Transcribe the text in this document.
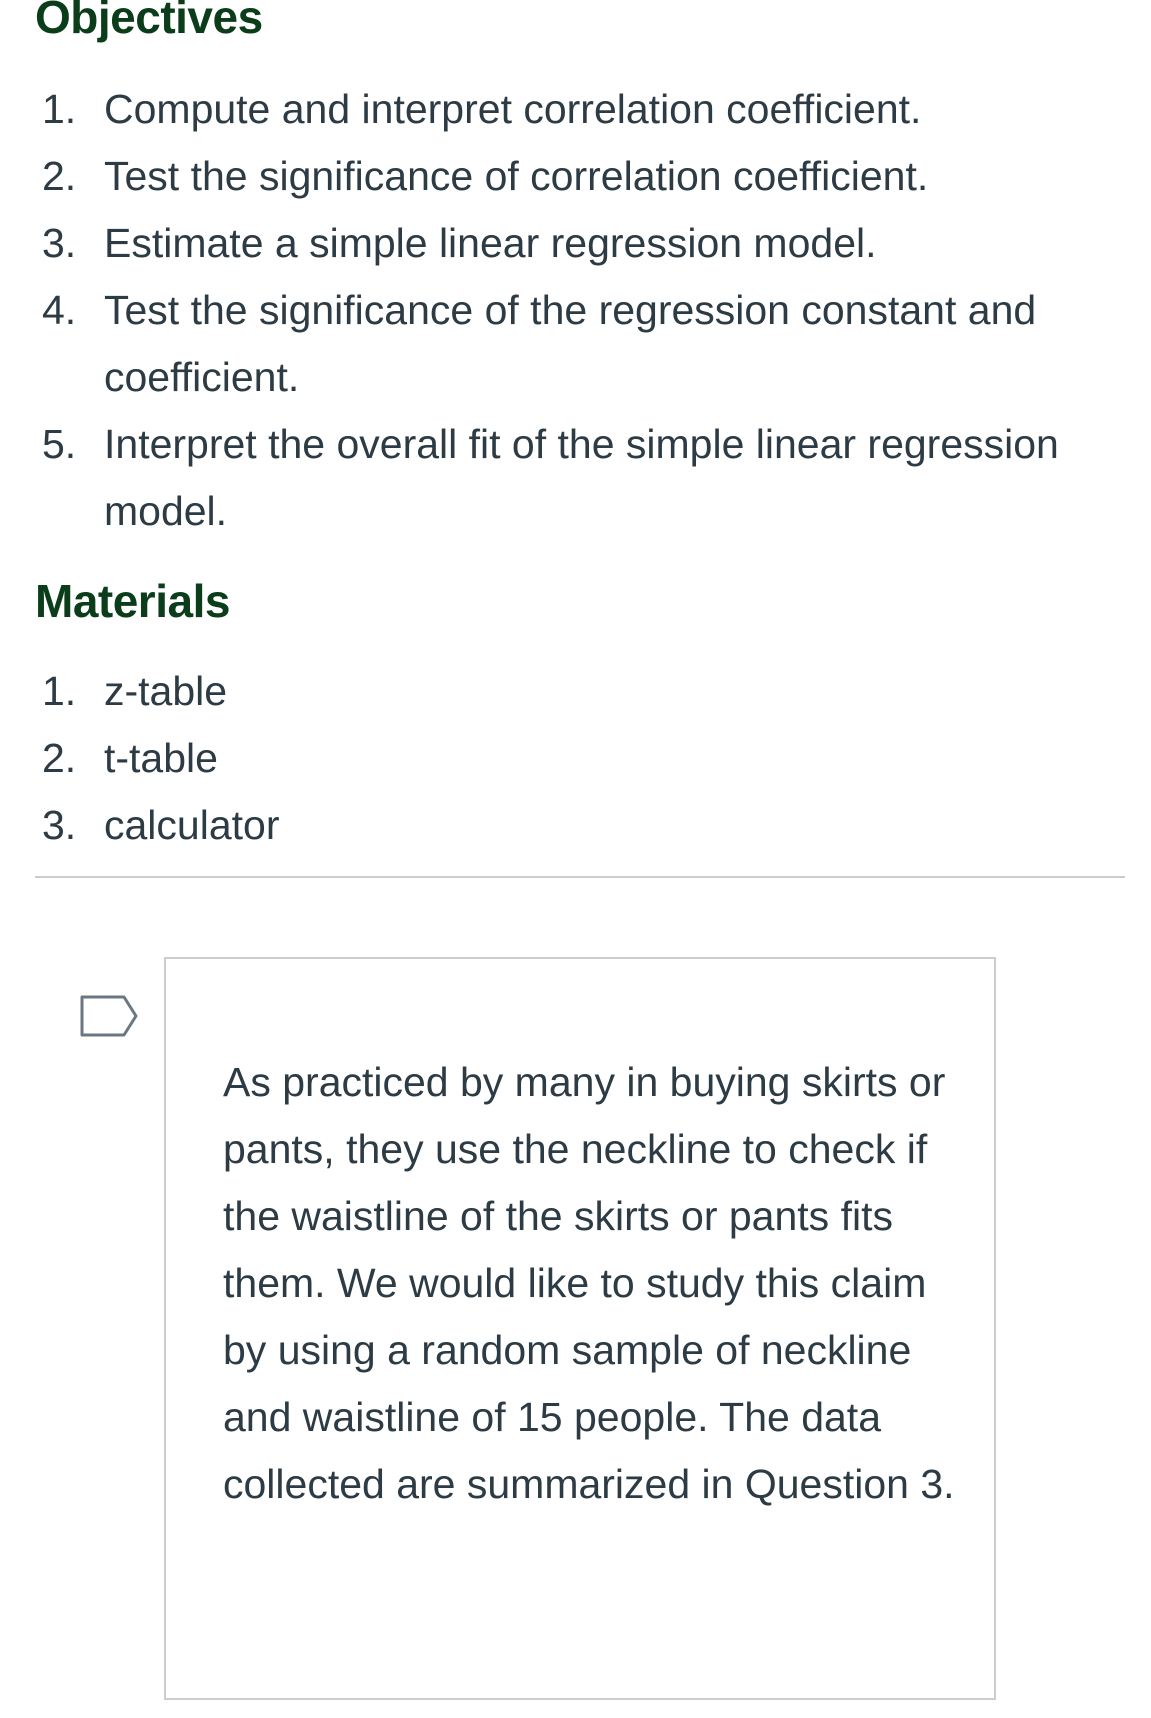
Objectives
1. Compute and interpret correlation coefficient.
2. Test the significance of correlation coefficient.
3. Estimate a simple linear regression model.
4. Test the significance of the regression constant and coefficient.
5. Interpret the overall fit of the simple linear regression model.
Materials
1. z-table
2. t-table
3. calculator

As practiced by many in buying skirts or pants, they use the neckline to check if the waistline of the skirts or pants fits them. We would like to study this claim by using a random sample of neckline and waistline of 15 people. The data collected are summarized in Question 3.
